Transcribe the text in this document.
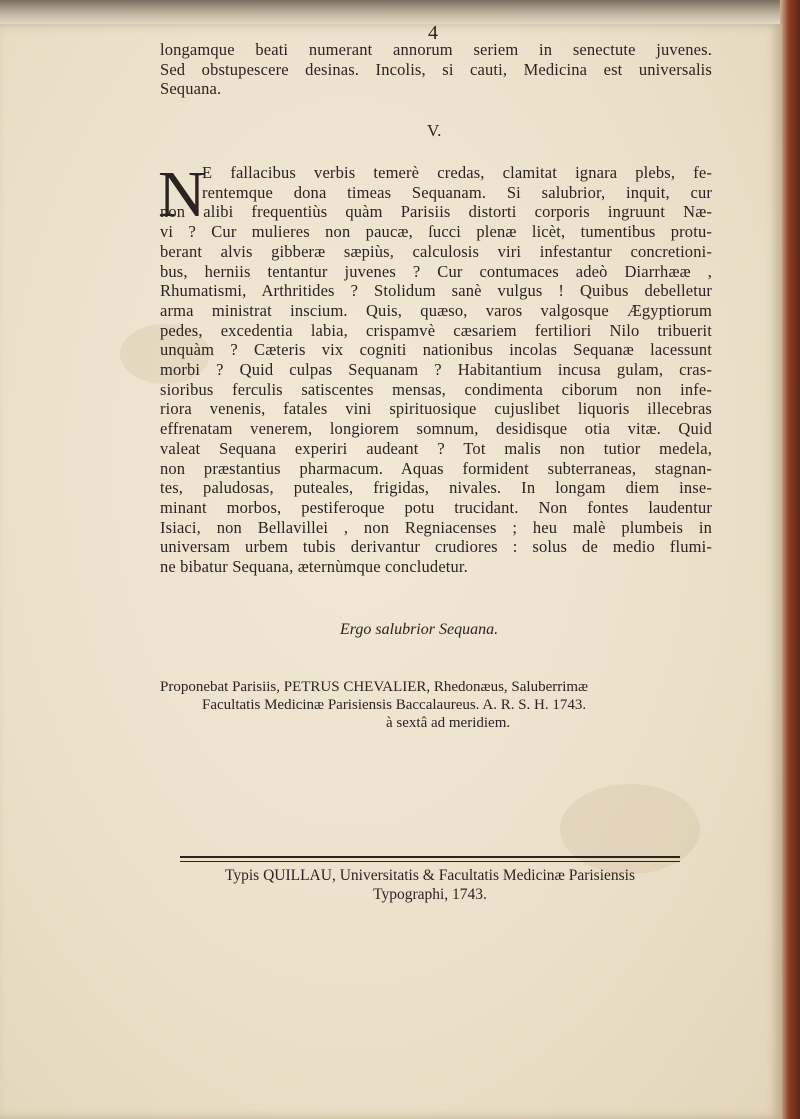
4
longamque beati numerant annorum seriem in senectute juvenes.
Sed obstupescere desinas. Incolis, si cauti, Medicina est universalis
Sequana.
V.
N
E fallacibus verbis temerè credas, clamitat ignara plebs, fe-
rentemque dona timeas Sequanam. Si salubrior, inquit, cur
non alibi frequentiùs quàm Parisiis distorti corporis ingruunt Næ-
vi ? Cur mulieres non paucæ, ſucci plenæ licèt, tumentibus protu-
berant alvis gibberæ sæpiùs, calculosis viri infestantur concretioni-
bus, herniis tentantur juvenes ? Cur contumaces adeò Diarrhææ ,
Rhumatismi, Arthritides ? Stolidum sanè vulgus ! Quibus debelletur
arma ministrat inscium. Quis, quæso, varos valgosque Ægyptiorum
pedes, excedentia labia, crispamvè cæsariem fertiliori Nilo tribuerit
unquàm ? Cæteris vix cogniti nationibus incolas Sequanæ lacessunt
morbi ? Quid culpas Sequanam ? Habitantium incusa gulam, cras-
sioribus ferculis satiscentes mensas, condimenta ciborum non infe-
riora venenis, fatales vini spirituosique cujuslibet liquoris illecebras
effrenatam venerem, longiorem somnum, desidisque otia vitæ. Quid
valeat Sequana experiri audeant ? Tot malis non tutior medela,
non præstantius pharmacum. Aquas formident subterraneas, stagnan-
tes, paludosas, puteales, frigidas, nivales. In longam diem inse-
minant morbos, pestiferoque potu trucidant. Non fontes laudentur
Isiaci, non Bellavillei , non Regniacenses ; heu malè plumbeis in
universam urbem tubis derivantur crudiores : solus de medio flumi-
ne bibatur Sequana, æternùmque concludetur.
Ergo salubrior Sequana.
Proponebat Parisiis, PETRUS CHEVALIER, Rhedonæus, Saluberrimæ
Facultatis Medicinæ Parisiensis Baccalaureus. A. R. S. H. 1743.
à sextâ ad meridiem.
Typis QUILLAU, Universitatis & Facultatis Medicinæ Parisiensis
Typographi, 1743.
